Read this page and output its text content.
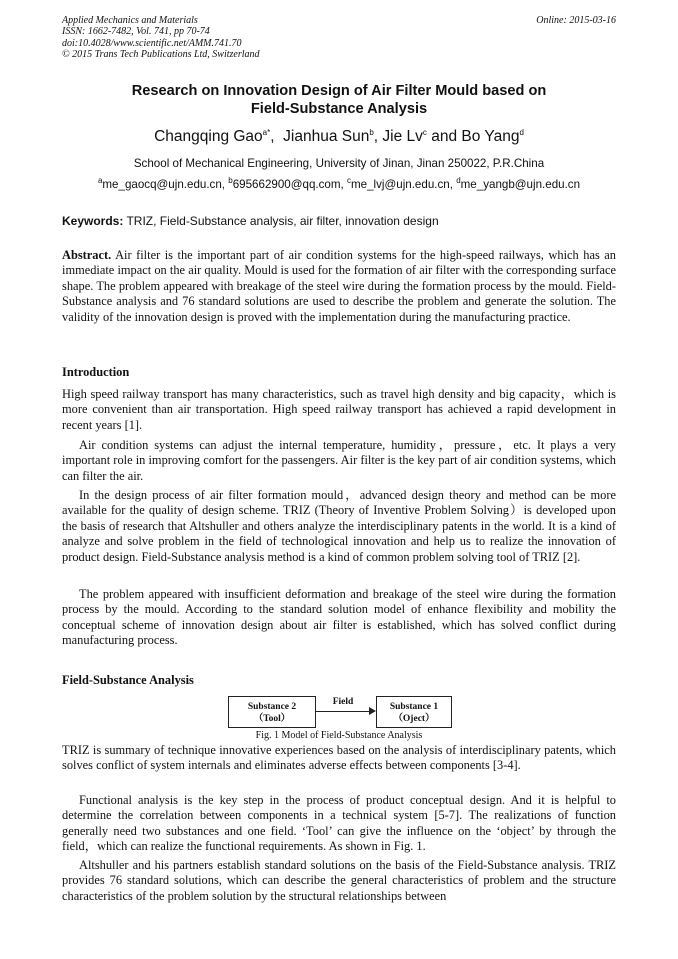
Applied Mechanics and Materials
ISSN: 1662-7482, Vol. 741, pp 70-74
doi:10.4028/www.scientific.net/AMM.741.70
© 2015 Trans Tech Publications Ltd, Switzerland
Online: 2015-03-16
Research on Innovation Design of Air Filter Mould based on
Field-Substance Analysis
Changqing Gao$^{a*}$,  Jianhua Sun$^b$, Jie Lv$^c$ and Bo Yang$^d$
School of Mechanical Engineering, University of Jinan, Jinan 250022, P.R.China
$^a$me_gaocq@ujn.edu.cn, $^b$695662900@qq.com, $^c$me_lvj@ujn.edu.cn, $^d$me_yangb@ujn.edu.cn
Keywords: TRIZ, Field-Substance analysis, air filter, innovation design
Abstract. Air filter is the important part of air condition systems for the high-speed railways, which has an immediate impact on the air quality. Mould is used for the formation of air filter with the corresponding surface shape. The problem appeared with breakage of the steel wire during the formation process by the mould. Field-Substance analysis and 76 standard solutions are used to describe the problem and generate the solution. The validity of the innovation design is proved with the implementation during the manufacturing practice.
Introduction
High speed railway transport has many characteristics, such as travel high density and big capacity，which is more convenient than air transportation. High speed railway transport has achieved a rapid development in recent years [1].
Air condition systems can adjust the internal temperature, humidity，pressure，etc. It plays a very important role in improving comfort for the passengers. Air filter is the key part of air condition systems, which can filter the air.
In the design process of air filter formation mould，advanced design theory and method can be more available for the quality of design scheme. TRIZ (Theory of Inventive Problem Solving）is developed upon the basis of research that Altshuller and others analyze the interdisciplinary patents in the world. It is a kind of analyze and solve problem in the field of technological innovation and help us to realize the innovation of product design. Field-Substance analysis method is a kind of common problem solving tool of TRIZ [2].
The problem appeared with insufficient deformation and breakage of the steel wire during the formation process by the mould. According to the standard solution model of enhance flexibility and mobility the conceptual scheme of innovation design about air filter is established, which has solved conflict during manufacturing process.
Field-Substance Analysis
Substance 2
（Tool）
Field	Substance 1
（Oject）
Fig. 1 Model of Field-Substance Analysis
TRIZ is summary of technique innovative experiences based on the analysis of interdisciplinary patents, which solves conflict of system internals and eliminates adverse effects between components [3-4].
Functional analysis is the key step in the process of product conceptual design. And it is helpful to determine the correlation between components in a technical system [5-7]. The realizations of function generally need two substances and one field. ‘Tool’ can give the influence on the ‘object’ by through the field，which can realize the functional requirements. As shown in Fig. 1.
Altshuller and his partners establish standard solutions on the basis of the Field-Substance analysis. TRIZ provides 76 standard solutions, which can describe the general characteristics of problem and the structure characteristics of the problem solution by the structural relationships between
